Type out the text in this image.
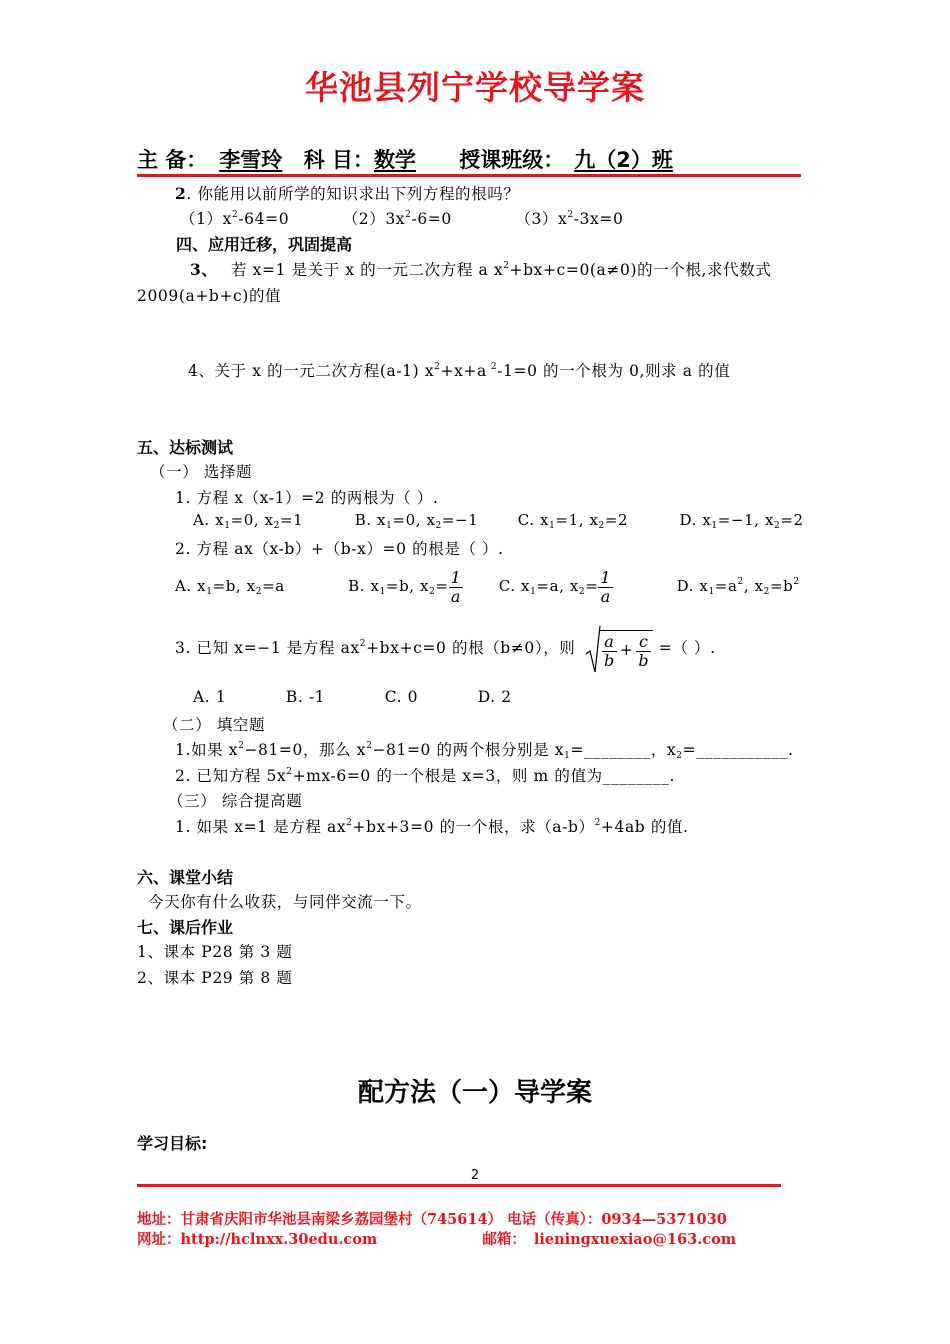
华池县列宁学校导学案
主 备： 李雪玲 科 目：数学 授课班级： 九（2）班
2. 你能用以前所学的知识求出下列方程的根吗？
$(1)x^2-64=0$	$(2)3x^2-6=0$	$(3)x^2-3x=0$
四、应用迁移，巩固提高
3、 若 x=1 是关于 x 的一元二次方程 a $x^2+bx+c=0(a\ne 0)$的一个根,求代数式
2009(a+b+c)的值
4、关于 x 的一元二次方程(a-1) $x^2+x+a$ $^2$-1=0 的一个根为 0,则求 a 的值
五、达标测试
（一） 选择题
1. 方程 x（x-1）=2 的两根为（ ）.
A. $x_1=0$, $x_2=1$	B. $x_1=0$, $x_2=-1$	C. $x_1=1$, $x_2=2$	D. $x_1=-1$, $x_2=2$
2. 方程 ax（x-b）+（b-x）=0 的根是（ ）.
A. $x_1=b$, $x_2=a$	B. $x_1=b$, $x_2= \frac{1}{a} C$. $x_1=a$, $x_2= \frac{1}{a}$	D. $x_1=a^2$, $x_2=b^2$
3. 已知 x=−1 是方程 $ax^2+bx+c=0$ 的根（b≠0），则 $\frac{a}{b} + \frac{c}{b}$ =（ ）.
A. 1	B. -1	C. 0	D. 2
（二） 填空题
1.如果 $x^2-81=0$，那么 $x^2-81=0$ 的两个根分别是 $x_1=\_\_\_\_\_\_\_\_$，$x_2=\_\_\_\_\_\_\_\_\_\_\_$.
2. 已知方程 $5x^2+mx-6=0$ 的一个根是 x=3，则 m 的值为________.
（三） 综合提高题
1. 如果 x=1 是方程 $ax^2+bx+3=0$ 的一个根，求$(a-b)^2+4ab$ 的值.
六、课堂小结
今天你有什么收获，与同伴交流一下。
七、课后作业
1、课本 P28 第 3 题
2、课本 P29 第 8 题
配方法（一）导学案
学习目标:
2
地址：甘肃省庆阳市华池县南梁乡荔园堡村（745614） 电话（传真）：0934—5371030
网址：http://hclnxx.30edu.com	邮箱： lieningxuexiao@163.com
